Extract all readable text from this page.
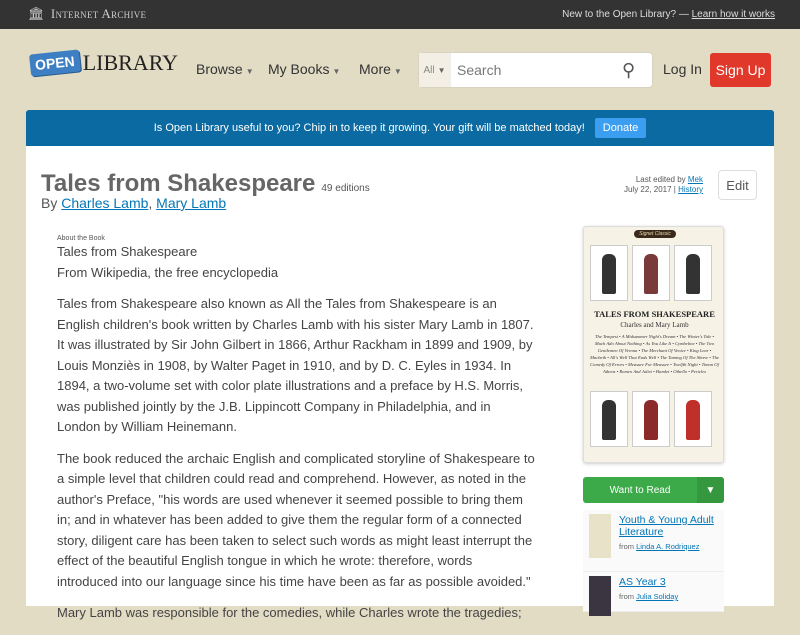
🏛 Internet Archive	New to the Open Library? — Learn how it works
OPEN LIBRARY Browse ▼ My Books ▼ More ▼ All ▼ Search	⚲	Log In Sign Up
Is Open Library useful to you? Chip in to keep it growing. Your gift will be matched today!	Donate
Tales from Shakespeare 49 editions
By Charles Lamb, Mary Lamb
Last edited by Mek
July 22, 2017 | History	Edit
About the Book
Tales from Shakespeare
From Wikipedia, the free encyclopedia
Tales from Shakespeare also known as All the Tales from Shakespeare is an
English children's book written by Charles Lamb with his sister Mary Lamb in 1807.
It was illustrated by Sir John Gilbert in 1866, Arthur Rackham in 1899 and 1909, by
Louis Monziès in 1908, by Walter Paget in 1910, and by D. C. Eyles in 1934. In
1894, a two-volume set with color plate illustrations and a preface by H.S. Morris,
was published jointly by the J.B. Lippincott Company in Philadelphia, and in
London by William Heinemann.
The book reduced the archaic English and complicated storyline of Shakespeare to
a simple level that children could read and comprehend. However, as noted in the
author's Preface, "his words are used whenever it seemed possible to bring them
in; and in whatever has been added to give them the regular form of a connected
story, diligent care has been taken to select such words as might least interrupt the
effect of the beautiful English tongue in which he wrote: therefore, words
introduced into our language since his time have been as far as possible avoided."
Mary Lamb was responsible for the comedies, while Charles wrote the tragedies;
Signet Classic
TALES FROM SHAKESPEARE
Charles and Mary Lamb
The Tempest • A Midsummer Night's Dream • The Winter's Tale • Much Ado About Nothing • As You Like It • Cymbeline • The Two Gentlemen Of Verona • The Merchant Of Venice • King Lear • Macbeth • All's Well That Ends Well • The Taming Of The Shrew • The Comedy Of Errors • Measure For Measure • Twelfth Night • Timon Of Athens • Romeo And Juliet • Hamlet • Othello • Pericles
Want to Read	▼
Youth & Young Adult Literature
from Linda A. Rodriquez
AS Year 3
from Julia Soliday
